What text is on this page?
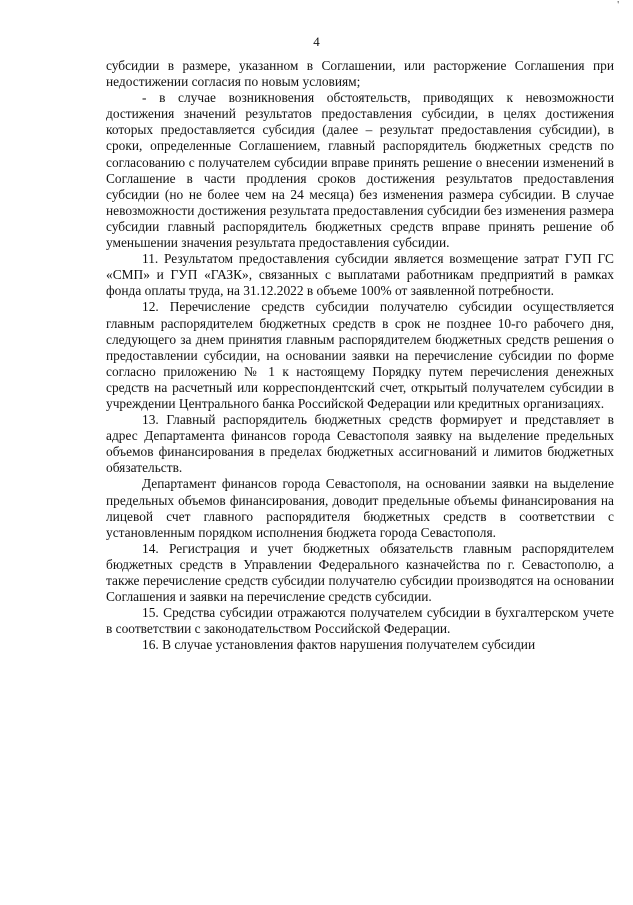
'
4

субсидии в размере, указанном в Соглашении, или расторжение Соглашения при недостижении согласия по новым условиям;

- в случае возникновения обстоятельств, приводящих к невозможности достижения значений результатов предоставления субсидии, в целях достижения которых предоставляется субсидия (далее – результат предоставления субсидии), в сроки, определенные Соглашением, главный распорядитель бюджетных средств по согласованию с получателем субсидии вправе принять решение о внесении изменений в Соглашение в части продления сроков достижения результатов предоставления субсидии (но не более чем на 24 месяца) без изменения размера субсидии. В случае невозможности достижения результата предоставления субсидии без изменения размера субсидии главный распорядитель бюджетных средств вправе принять решение об уменьшении значения результата предоставления субсидии.

11. Результатом предоставления субсидии является возмещение затрат ГУП ГС «СМП» и ГУП «ГАЗК», связанных с выплатами работникам предприятий в рамках фонда оплаты труда, на 31.12.2022 в объеме 100% от заявленной потребности.

12. Перечисление средств субсидии получателю субсидии осуществляется главным распорядителем бюджетных средств в срок не позднее 10-го рабочего дня, следующего за днем принятия главным распорядителем бюджетных средств решения о предоставлении субсидии, на основании заявки на перечисление субсидии по форме согласно приложению № 1 к настоящему Порядку путем перечисления денежных средств на расчетный или корреспондентский счет, открытый получателем субсидии в учреждении Центрального банка Российской Федерации или кредитных организациях.

13. Главный распорядитель бюджетных средств формирует и представляет в адрес Департамента финансов города Севастополя заявку на выделение предельных объемов финансирования в пределах бюджетных ассигнований и лимитов бюджетных обязательств.

Департамент финансов города Севастополя, на основании заявки на выделение предельных объемов финансирования, доводит предельные объемы финансирования на лицевой счет главного распорядителя бюджетных средств в соответствии с установленным порядком исполнения бюджета города Севастополя.

14. Регистрация и учет бюджетных обязательств главным распорядителем бюджетных средств в Управлении Федерального казначейства по г. Севастополю, а также перечисление средств субсидии получателю субсидии производятся на основании Соглашения и заявки на перечисление средств субсидии.

15. Средства субсидии отражаются получателем субсидии в бухгалтерском учете в соответствии с законодательством Российской Федерации.

16. В случае установления фактов нарушения получателем субсидии
